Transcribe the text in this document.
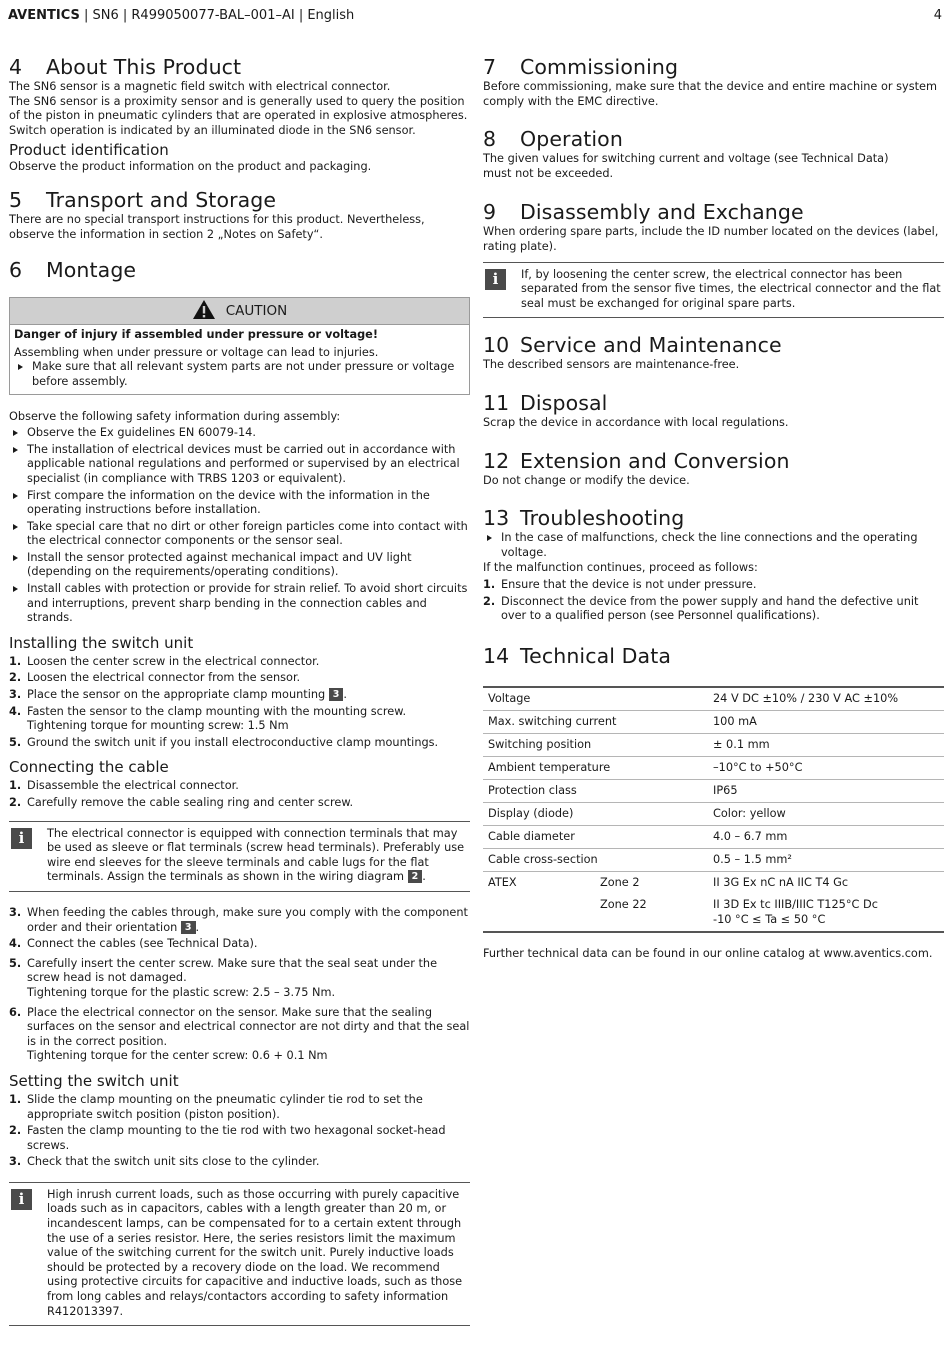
AVENTICS | SN6 | R499050077-BAL–001–AI | English	4
4 About This Product

The SN6 sensor is a magnetic field switch with electrical connector.

The SN6 sensor is a proximity sensor and is generally used to query the position of the piston in pneumatic cylinders that are operated in explosive atmospheres.

Switch operation is indicated by an illuminated diode in the SN6 sensor.

Product identification

Observe the product information on the product and packaging.

5 Transport and Storage

There are no special transport instructions for this product. Nevertheless, observe the information in section 2 „Notes on Safety“.

6 Montage
CAUTION

Danger of injury if assembled under pressure or voltage!

Assembling when under pressure or voltage can lead to injuries.

Make sure that all relevant system parts are not under pressure or voltage before assembly.

Observe the following safety information during assembly:

Observe the Ex guidelines EN 60079-14.

The installation of electrical devices must be carried out in accordance with applicable national regulations and performed or supervised by an electrical specialist (in compliance with TRBS 1203 or equivalent).

First compare the information on the device with the information in the operating instructions before installation.

Take special care that no dirt or other foreign particles come into contact with the electrical connector components or the sensor seal.

Install the sensor protected against mechanical impact and UV light (depending on the requirements/operating conditions).

Install cables with protection or provide for strain relief. To avoid short circuits and interruptions, prevent sharp bending in the connection cables and strands.

Installing the switch unit
1. Loosen the center screw in the electrical connector.
2. Loosen the electrical connector from the sensor.
3. Place the sensor on the appropriate clamp mounting 3 .
4. Fasten the sensor to the clamp mounting with the mounting screw.
Tightening torque for mounting screw: 1.5 Nm
5. Ground the switch unit if you install electroconductive clamp mountings.
Connecting the cable
1. Disassemble the electrical connector.
2. Carefully remove the cable sealing ring and center screw.
i	The electrical connector is equipped with connection terminals that may be used as sleeve or flat terminals (screw head terminals). Preferably use wire end sleeves for the sleeve terminals and cable lugs for the flat terminals. Assign the terminals as shown in the wiring diagram 2 .
3. When feeding the cables through, make sure you comply with the component order and their orientation 3 .
4. Connect the cables (see Technical Data).
5. Carefully insert the center screw. Make sure that the seal seat under the screw head is not damaged.
Tightening torque for the plastic screw: 2.5 – 3.75 Nm.
6. Place the electrical connector on the sensor. Make sure that the sealing surfaces on the sensor and electrical connector are not dirty and that the seal is in the correct position.
Tightening torque for the center screw: 0.6 + 0.1 Nm
Setting the switch unit
1. Slide the clamp mounting on the pneumatic cylinder tie rod to set the appropriate switch position (piston position).
2. Fasten the clamp mounting to the tie rod with two hexagonal socket-head screws.
3. Check that the switch unit sits close to the cylinder.
i	High inrush current loads, such as those occurring with purely capacitive loads such as in capacitors, cables with a length greater than 20 m, or incandescent lamps, can be compensated for to a certain extent through the use of a series resistor. Here, the series resistors limit the maximum value of the switching current for the switch unit. Purely inductive loads should be protected by a recovery diode on the load. We recommend using protective circuits for capacitive and inductive loads, such as those from long cables and relays/contactors according to safety information R412013397.
7 Commissioning

Before commissioning, make sure that the device and entire machine or system comply with the EMC directive.

8 Operation

The given values for switching current and voltage (see Technical Data)

must not be exceeded.

9 Disassembly and Exchange

When ordering spare parts, include the ID number located on the devices (label, rating plate).

i	If, by loosening the center screw, the electrical connector has been separated from the sensor five times, the electrical connector and the flat seal must be exchanged for original spare parts.
10 Service and Maintenance

The described sensors are maintenance-free.

11 Disposal

Scrap the device in accordance with local regulations.

12 Extension and Conversion

Do not change or modify the device.

13 Troubleshooting

In the case of malfunctions, check the line connections and the operating voltage.

If the malfunction continues, proceed as follows:

1. Ensure that the device is not under pressure.
2. Disconnect the device from the power supply and hand the defective unit over to a qualified person (see Personnel qualifications).
14 Technical Data
Voltage		24 V DC ±10% / 230 V AC ±10%
Max. switching current		100 mA
Switching position		± 0.1 mm
Ambient temperature		–10°C to +50°C
Protection class		IP65
Display (diode)		Color: yellow
Cable diameter		4.0 – 6.7 mm
Cable cross-section		0.5 – 1.5 mm²
ATEX	Zone 2	II 3G Ex nC nA IIC T4 Gc
	Zone 22	II 3D Ex tc IIIB/IIIC T125°C Dc
-10 °C ≤ Ta ≤ 50 °C

Further technical data can be found in our online catalog at www.aventics.com.
